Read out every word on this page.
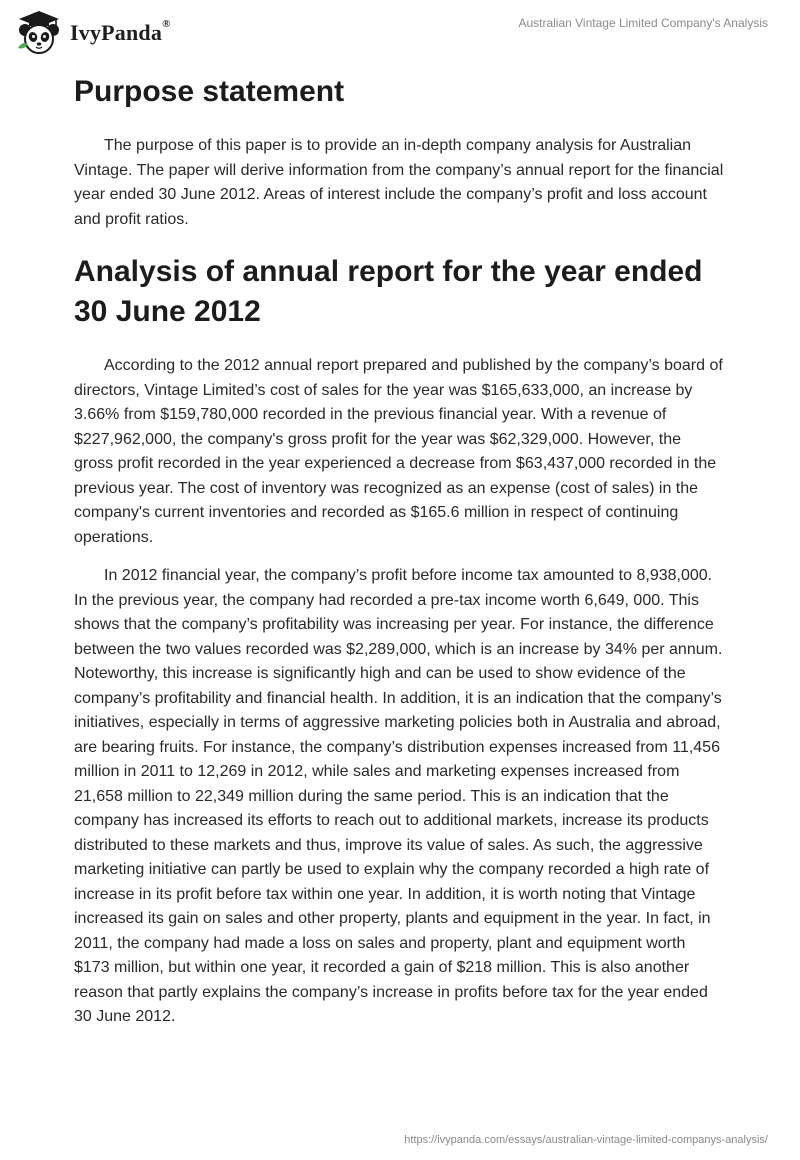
IvyPanda®	Australian Vintage Limited Company's Analysis
Purpose statement

The purpose of this paper is to provide an in-depth company analysis for Australian Vintage. The paper will derive information from the company’s annual report for the financial year ended 30 June 2012. Areas of interest include the company’s profit and loss account and profit ratios.

Analysis of annual report for the year ended 30 June 2012

According to the 2012 annual report prepared and published by the company’s board of directors, Vintage Limited’s cost of sales for the year was $165,633,000, an increase by 3.66% from $159,780,000 recorded in the previous financial year. With a revenue of $227,962,000, the company's gross profit for the year was $62,329,000. However, the gross profit recorded in the year experienced a decrease from $63,437,000 recorded in the previous year. The cost of inventory was recognized as an expense (cost of sales) in the company's current inventories and recorded as $165.6 million in respect of continuing operations.

In 2012 financial year, the company’s profit before income tax amounted to 8,938,000. In the previous year, the company had recorded a pre-tax income worth 6,649, 000. This shows that the company’s profitability was increasing per year. For instance, the difference between the two values recorded was $2,289,000, which is an increase by 34% per annum. Noteworthy, this increase is significantly high and can be used to show evidence of the company’s profitability and financial health. In addition, it is an indication that the company’s initiatives, especially in terms of aggressive marketing policies both in Australia and abroad, are bearing fruits. For instance, the company’s distribution expenses increased from 11,456 million in 2011 to 12,269 in 2012, while sales and marketing expenses increased from 21,658 million to 22,349 million during the same period. This is an indication that the company has increased its efforts to reach out to additional markets, increase its products distributed to these markets and thus, improve its value of sales. As such, the aggressive marketing initiative can partly be used to explain why the company recorded a high rate of increase in its profit before tax within one year. In addition, it is worth noting that Vintage increased its gain on sales and other property, plants and equipment in the year. In fact, in 2011, the company had made a loss on sales and property, plant and equipment worth $173 million, but within one year, it recorded a gain of $218 million. This is also another reason that partly explains the company’s increase in profits before tax for the year ended 30 June 2012.

https://ivypanda.com/essays/australian-vintage-limited-companys-analysis/
